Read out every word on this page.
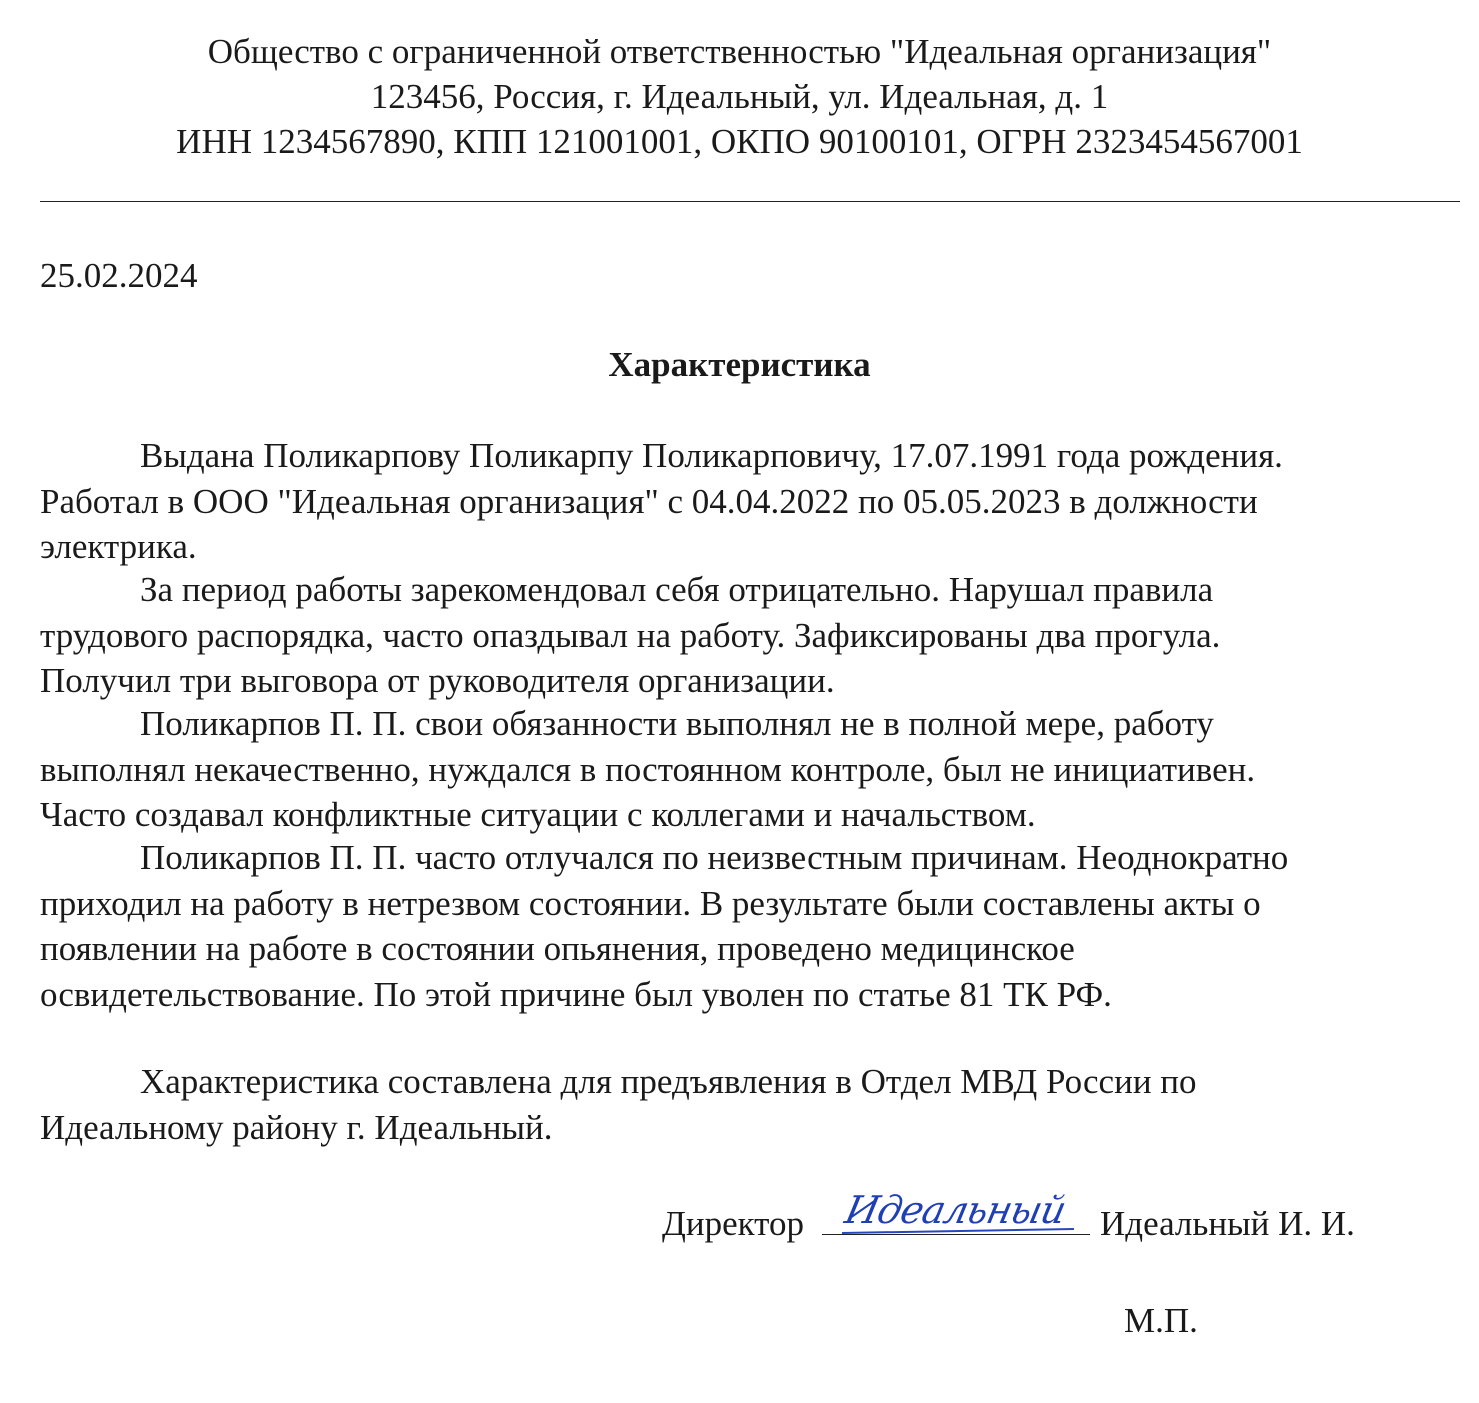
Общество с ограниченной ответственностью "Идеальная организация"
123456, Россия, г. Идеальный, ул. Идеальная, д. 1
ИНН 1234567890, КПП 121001001, ОКПО 90100101, ОГРН 2323454567001
25.02.2024
Характеристика
Выдана Поликарпову Поликарпу Поликарповичу, 17.07.1991 года рождения.
Работал в ООО "Идеальная организация" с 04.04.2022 по 05.05.2023 в должности
электрика.
За период работы зарекомендовал себя отрицательно. Нарушал правила
трудового распорядка, часто опаздывал на работу. Зафиксированы два прогула.
Получил три выговора от руководителя организации.
Поликарпов П. П. свои обязанности выполнял не в полной мере, работу
выполнял некачественно, нуждался в постоянном контроле, был не инициативен.
Часто создавал конфликтные ситуации с коллегами и начальством.
Поликарпов П. П. часто отлучался по неизвестным причинам. Неоднократно
приходил на работу в нетрезвом состоянии. В результате были составлены акты о
появлении на работе в состоянии опьянения, проведено медицинское
освидетельствование. По этой причине был уволен по статье 81 ТК РФ.
Характеристика составлена для предъявления в Отдел МВД России по
Идеальному району г. Идеальный.
Директор Идеальный Идеальный И. И.
М.П.
